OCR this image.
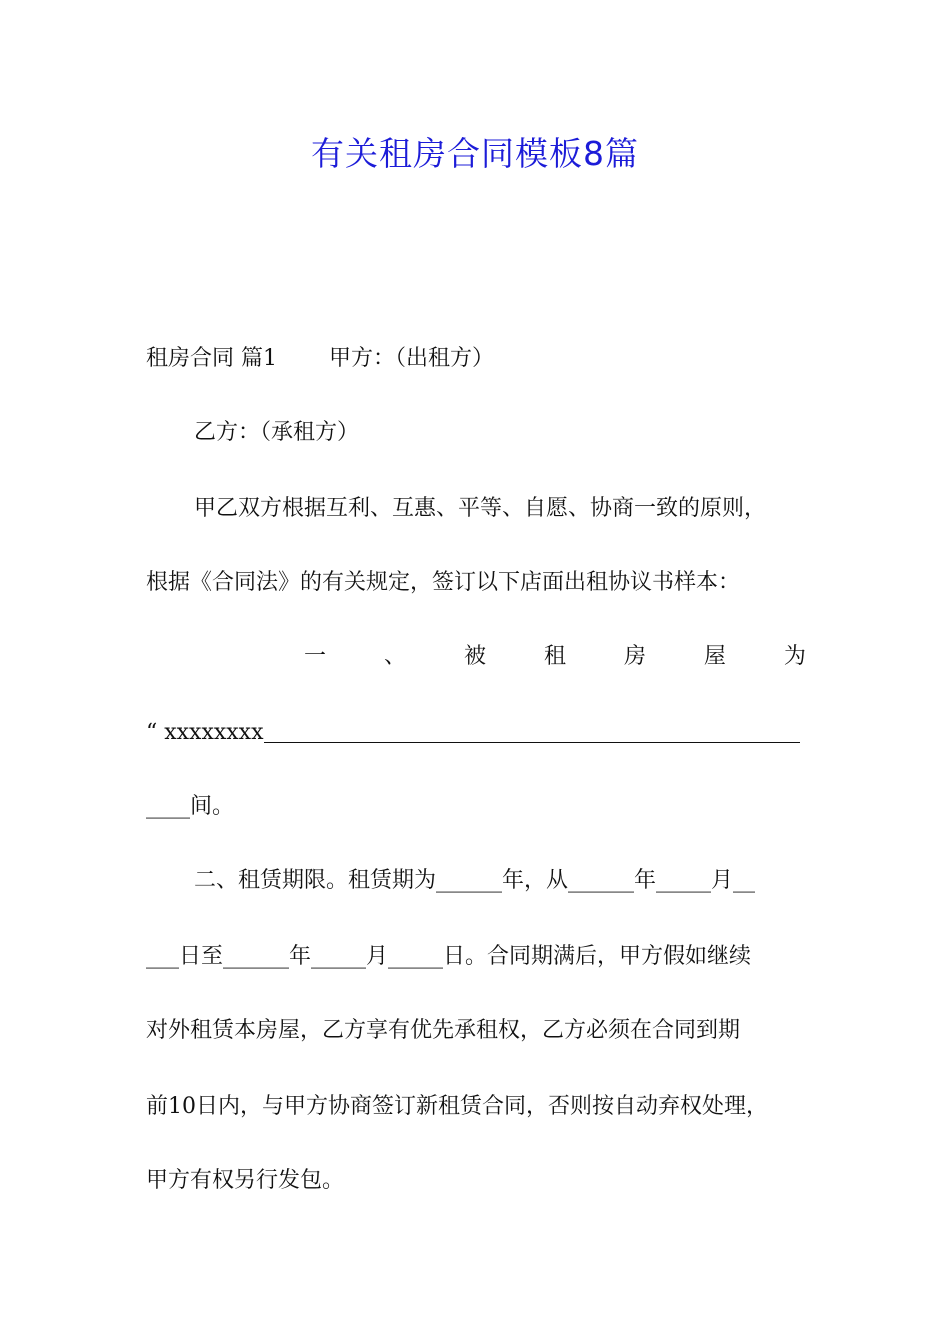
有关租房合同模板8篇
租房合同 篇1 甲方：（出租方）
乙方：（承租方）
甲乙双方根据互利、互惠、平等、自愿、协商一致的原则，
根据《合同法》的有关规定，签订以下店面出租协议书样本：
一	、	被	租	房	屋	为
“ xxxxxxxx
____间。
二、租赁期限。租赁期为______年，从______年_____月__
___日至______年_____月_____日。合同期满后，甲方假如继续
对外租赁本房屋，乙方享有优先承租权，乙方必须在合同到期
前10日内，与甲方协商签订新租赁合同，否则按自动弃权处理，
甲方有权另行发包。
